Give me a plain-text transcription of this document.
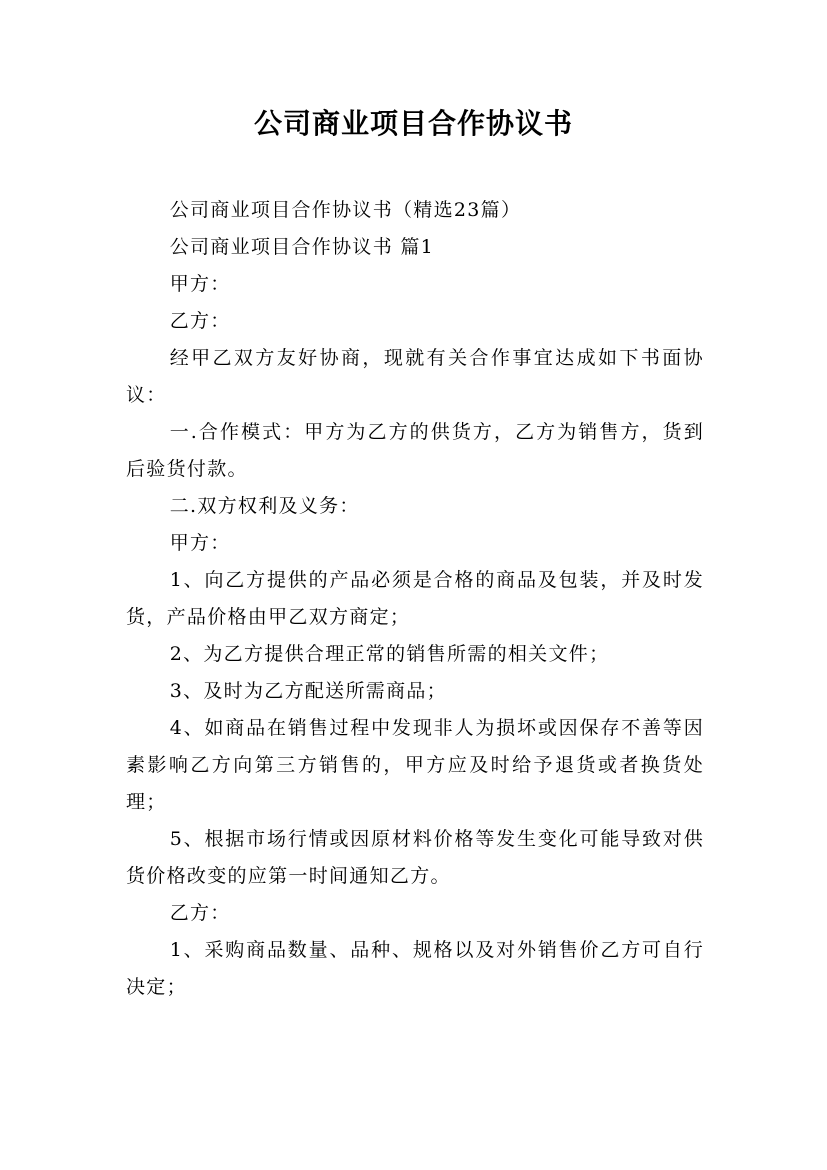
公司商业项目合作协议书

公司商业项目合作协议书（精选23篇）

公司商业项目合作协议书 篇1

甲方：

乙方：

经甲乙双方友好协商，现就有关合作事宜达成如下书面协议：

一.合作模式：甲方为乙方的供货方，乙方为销售方，货到后验货付款。

二.双方权利及义务：

甲方：

1、向乙方提供的产品必须是合格的商品及包装，并及时发货，产品价格由甲乙双方商定；

2、为乙方提供合理正常的销售所需的相关文件；

3、及时为乙方配送所需商品；

4、如商品在销售过程中发现非人为损坏或因保存不善等因素影响乙方向第三方销售的，甲方应及时给予退货或者换货处理；

5、根据市场行情或因原材料价格等发生变化可能导致对供货价格改变的应第一时间通知乙方。

乙方：

1、采购商品数量、品种、规格以及对外销售价乙方可自行决定；
